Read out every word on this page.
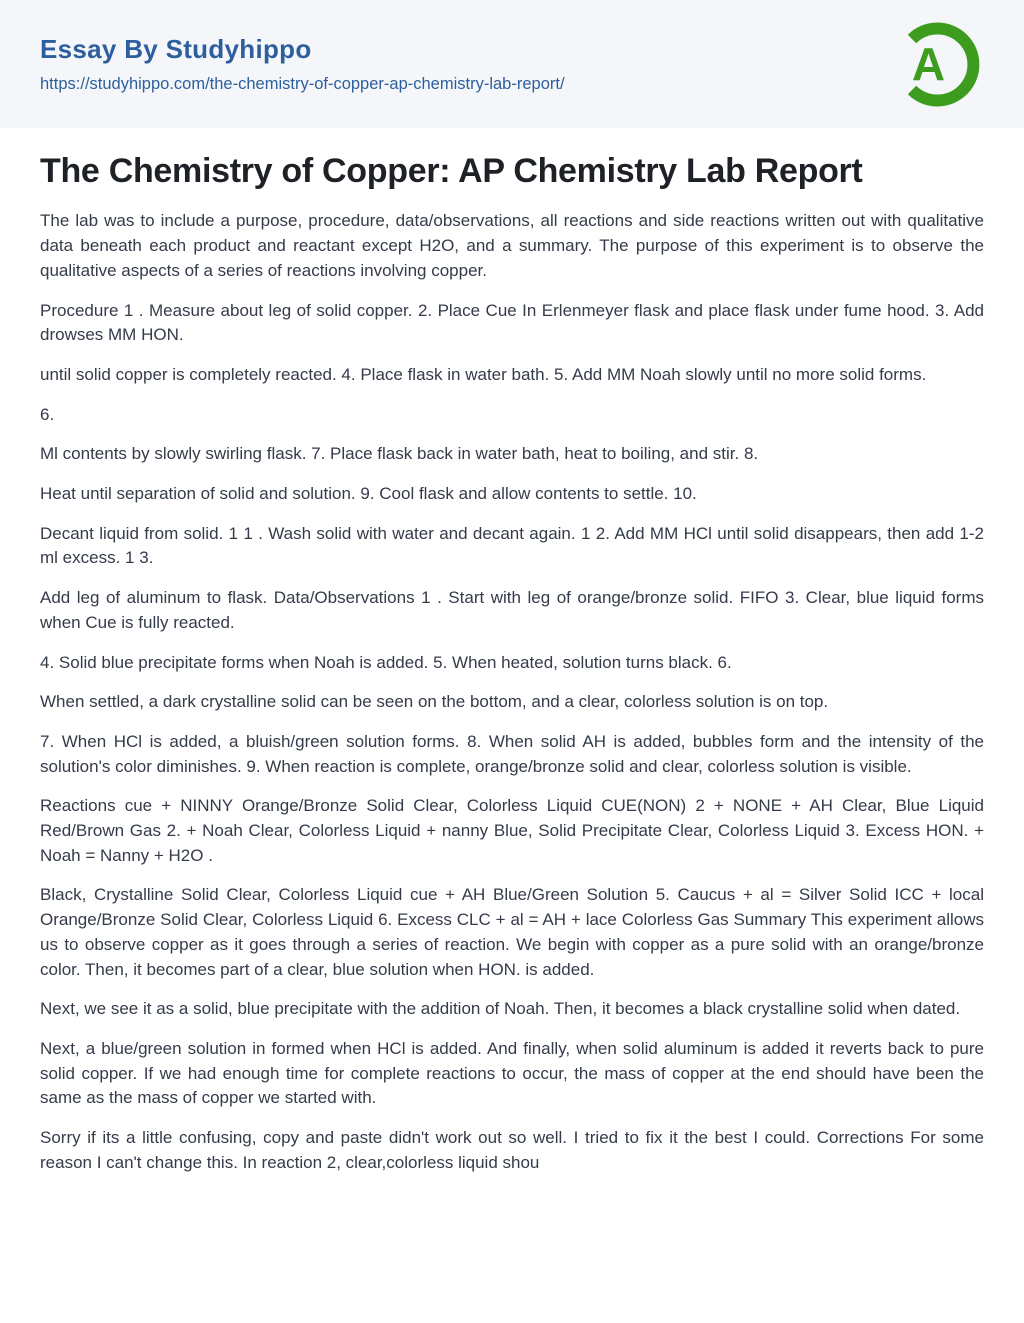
Essay By Studyhippo
https://studyhippo.com/the-chemistry-of-copper-ap-chemistry-lab-report/	A
The Chemistry of Copper: AP Chemistry Lab Report

The lab was to include a purpose, procedure, data/observations, all reactions and side reactions written out with qualitative data beneath each product and reactant except H2O, and a summary. The purpose of this experiment is to observe the qualitative aspects of a series of reactions involving copper.

Procedure 1 . Measure about leg of solid copper. 2. Place Cue In Erlenmeyer flask and place flask under fume hood. 3. Add drowses MM HON.

until solid copper is completely reacted. 4. Place flask in water bath. 5. Add MM Noah slowly until no more solid forms.

6.

Ml contents by slowly swirling flask. 7. Place flask back in water bath, heat to boiling, and stir. 8.

Heat until separation of solid and solution. 9. Cool flask and allow contents to settle. 10.

Decant liquid from solid. 1 1 . Wash solid with water and decant again. 1 2. Add MM HCl until solid disappears, then add 1-2 ml excess. 1 3.

Add leg of aluminum to flask. Data/Observations 1 . Start with leg of orange/bronze solid. FIFO 3. Clear, blue liquid forms when Cue is fully reacted.

4. Solid blue precipitate forms when Noah is added. 5. When heated, solution turns black. 6.

When settled, a dark crystalline solid can be seen on the bottom, and a clear, colorless solution is on top.

7. When HCl is added, a bluish/green solution forms. 8. When solid AH is added, bubbles form and the intensity of the solution's color diminishes. 9. When reaction is complete, orange/bronze solid and clear, colorless solution is visible.

Reactions cue + NINNY Orange/Bronze Solid Clear, Colorless Liquid CUE(NON) 2 + NONE + AH Clear, Blue Liquid Red/Brown Gas 2. + Noah Clear, Colorless Liquid + nanny Blue, Solid Precipitate Clear, Colorless Liquid 3. Excess HON. + Noah = Nanny + H2O .

Black, Crystalline Solid Clear, Colorless Liquid cue + AH Blue/Green Solution 5. Caucus + al = Silver Solid ICC + local Orange/Bronze Solid Clear, Colorless Liquid 6. Excess CLC + al = AH + lace Colorless Gas Summary This experiment allows us to observe copper as it goes through a series of reaction. We begin with copper as a pure solid with an orange/bronze color. Then, it becomes part of a clear, blue solution when HON. is added.

Next, we see it as a solid, blue precipitate with the addition of Noah. Then, it becomes a black crystalline solid when dated.

Next, a blue/green solution in formed when HCl is added. And finally, when solid aluminum is added it reverts back to pure solid copper. If we had enough time for complete reactions to occur, the mass of copper at the end should have been the same as the mass of copper we started with.

Sorry if its a little confusing, copy and paste didn't work out so well. I tried to fix it the best I could. Corrections For some reason I can't change this. In reaction 2, clear,colorless liquid shou
